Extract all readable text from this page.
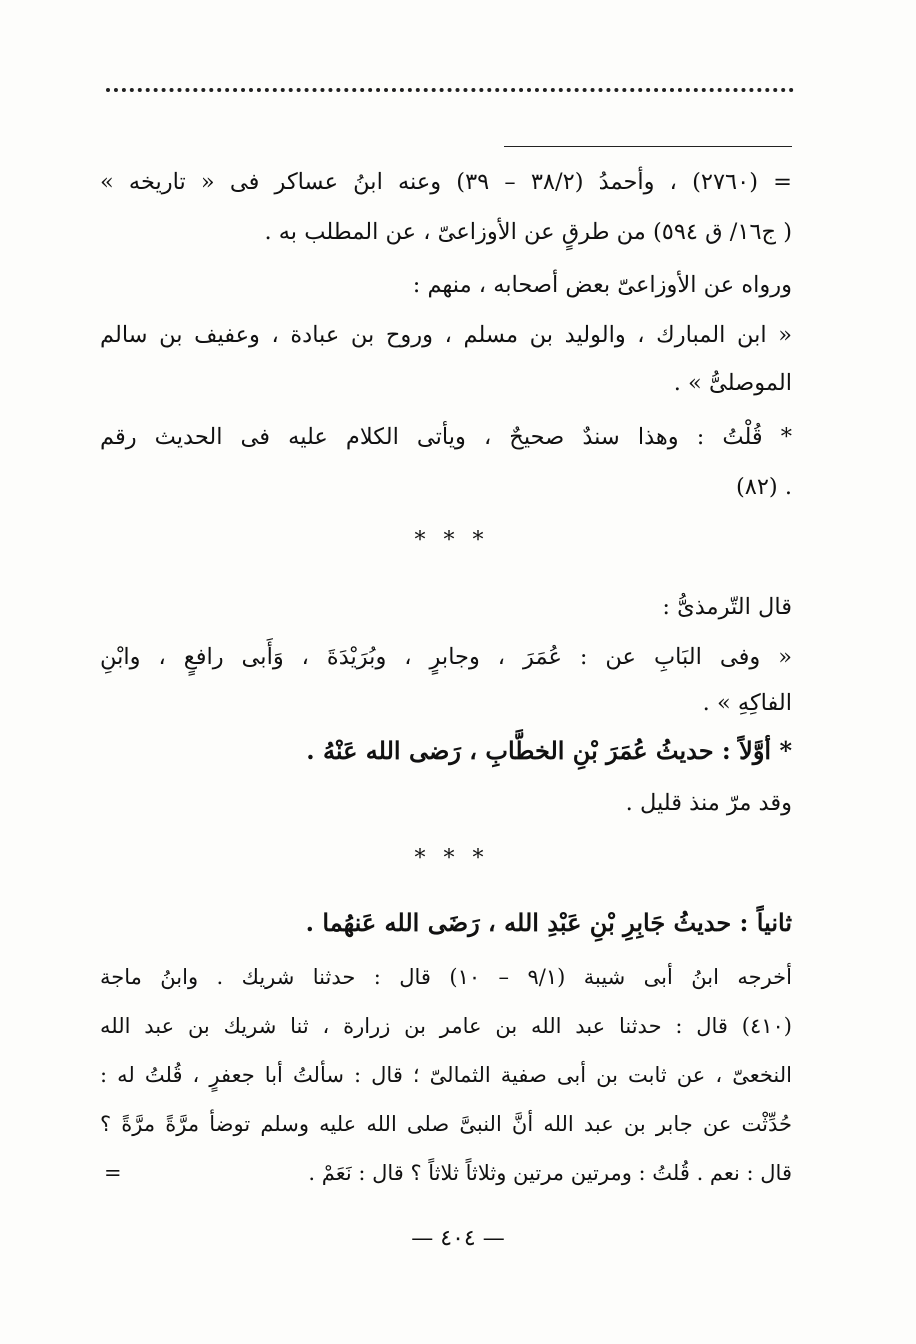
= (٢٧٦٠) ، وأحمدُ (٣٨/٢ – ٣٩) وعنه ابنُ عساكر فى « تاريخه »
( ج١٦/ ق ٥٩٤) من طرقٍ عن الأوزاعىّ ، عن المطلب به .
ورواه عن الأوزاعىّ بعض أصحابه ، منهم :
« ابن المبارك ، والوليد بن مسلم ، وروح بن عبادة ، وعفيف بن سالم
الموصلىُّ » .
* قُلْتُ : وهذا سندٌ صحيحٌ ، ويأتى الكلام عليه فى الحديث رقم
. (٨٢)
***
قال التّرمذىُّ :
« وفى البَابِ عن : عُمَرَ ، وجابرٍ ، وبُرَيْدَةَ ، وَأَبى رافعٍ ، وابْنِ
الفاكِهِ » .
* أوَّلاً : حديثُ عُمَرَ بْنِ الخطَّابِ ، رَضى الله عَنْهُ .
وقد مرّ منذ قليل .
***
ثانياً : حديثُ جَابِرِ بْنِ عَبْدِ الله ، رَضَى الله عَنهُما .
أخرجه ابنُ أبى شيبة (٩/١ – ١٠) قال : حدثنا شريك . وابنُ ماجة
(٤١٠) قال : حدثنا عبد الله بن عامر بن زرارة ، ثنا شريك بن عبد الله
النخعىّ ، عن ثابت بن أبى صفية الثمالىّ ؛ قال : سألتُ أبا جعفرٍ ، قُلتُ له :
حُدِّثْت عن جابر بن عبد الله أنَّ النبىَّ صلى الله عليه وسلم توضأ مرَّةً مرَّةً ؟
قال : نعم . قُلتُ : ومرتين مرتين وثلاثاً ثلاثاً ؟ قال : نَعَمْ .
=
— ٤٠٤ —
